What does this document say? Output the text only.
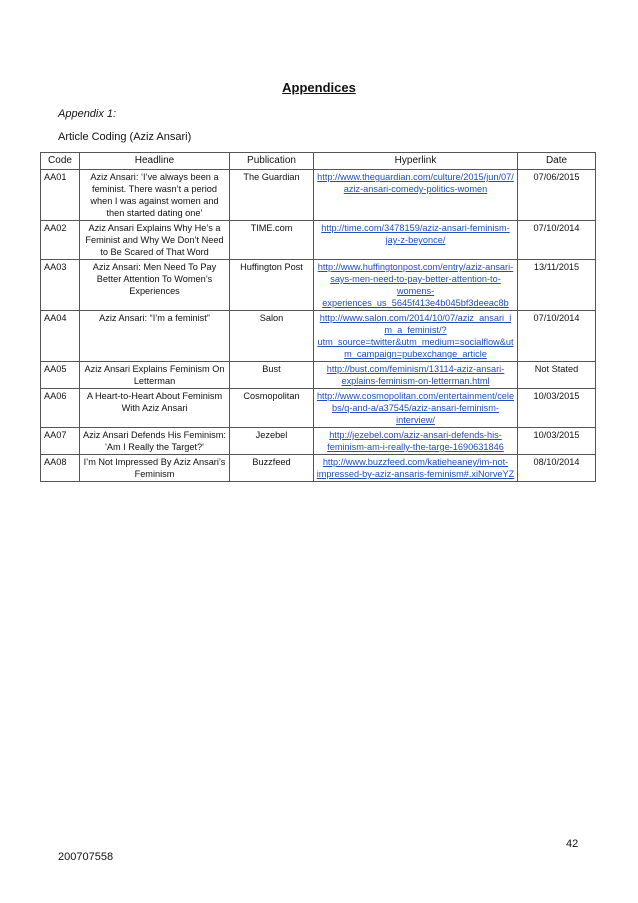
Appendices
Appendix 1:
Article Coding (Aziz Ansari)
Code	Headline	Publication	Hyperlink	Date
AA01	Aziz Ansari: ‘I’ve always been a feminist. There wasn’t a period when I was against women and then started dating one’	The Guardian	http://www.theguardian.com/culture/2015/jun/07/aziz-ansari-comedy-politics-women	07/06/2015
AA02	Aziz Ansari Explains Why He’s a Feminist and Why We Don’t Need to Be Scared of That Word	TIME.com	http://time.com/3478159/aziz-ansari-feminism-jay-z-beyonce/	07/10/2014
AA03	Aziz Ansari: Men Need To Pay Better Attention To Women’s Experiences	Huffington Post	http://www.huffingtonpost.com/entry/aziz-ansari-says-men-need-to-pay-better-attention-to-womens-experiences_us_5645f413e4b045bf3deeac8b	13/11/2015
AA04	Aziz Ansari: “I’m a feminist”	Salon	http://www.salon.com/2014/10/07/aziz_ansari_im_a_feminist/?utm_source=twitter&utm_medium=socialflow&utm_campaign=pubexchange_article	07/10/2014
AA05	Aziz Ansari Explains Feminism On Letterman	Bust	http://bust.com/feminism/13114-aziz-ansari-explains-feminism-on-letterman.html	Not Stated
AA06	A Heart-to-Heart About Feminism With Aziz Ansari	Cosmopolitan	http://www.cosmopolitan.com/entertainment/celebs/q-and-a/a37545/aziz-ansari-feminism-interview/	10/03/2015
AA07	Aziz Ansari Defends His Feminism: 'Am I Really the Target?'	Jezebel	http://jezebel.com/aziz-ansari-defends-his-feminism-am-i-really-the-targe-1690631846	10/03/2015
AA08	I’m Not Impressed By Aziz Ansari’s Feminism	Buzzfeed	http://www.buzzfeed.com/katieheaney/im-not-impressed-by-aziz-ansaris-feminism#.xiNorveYZ	08/10/2014
42
200707558
